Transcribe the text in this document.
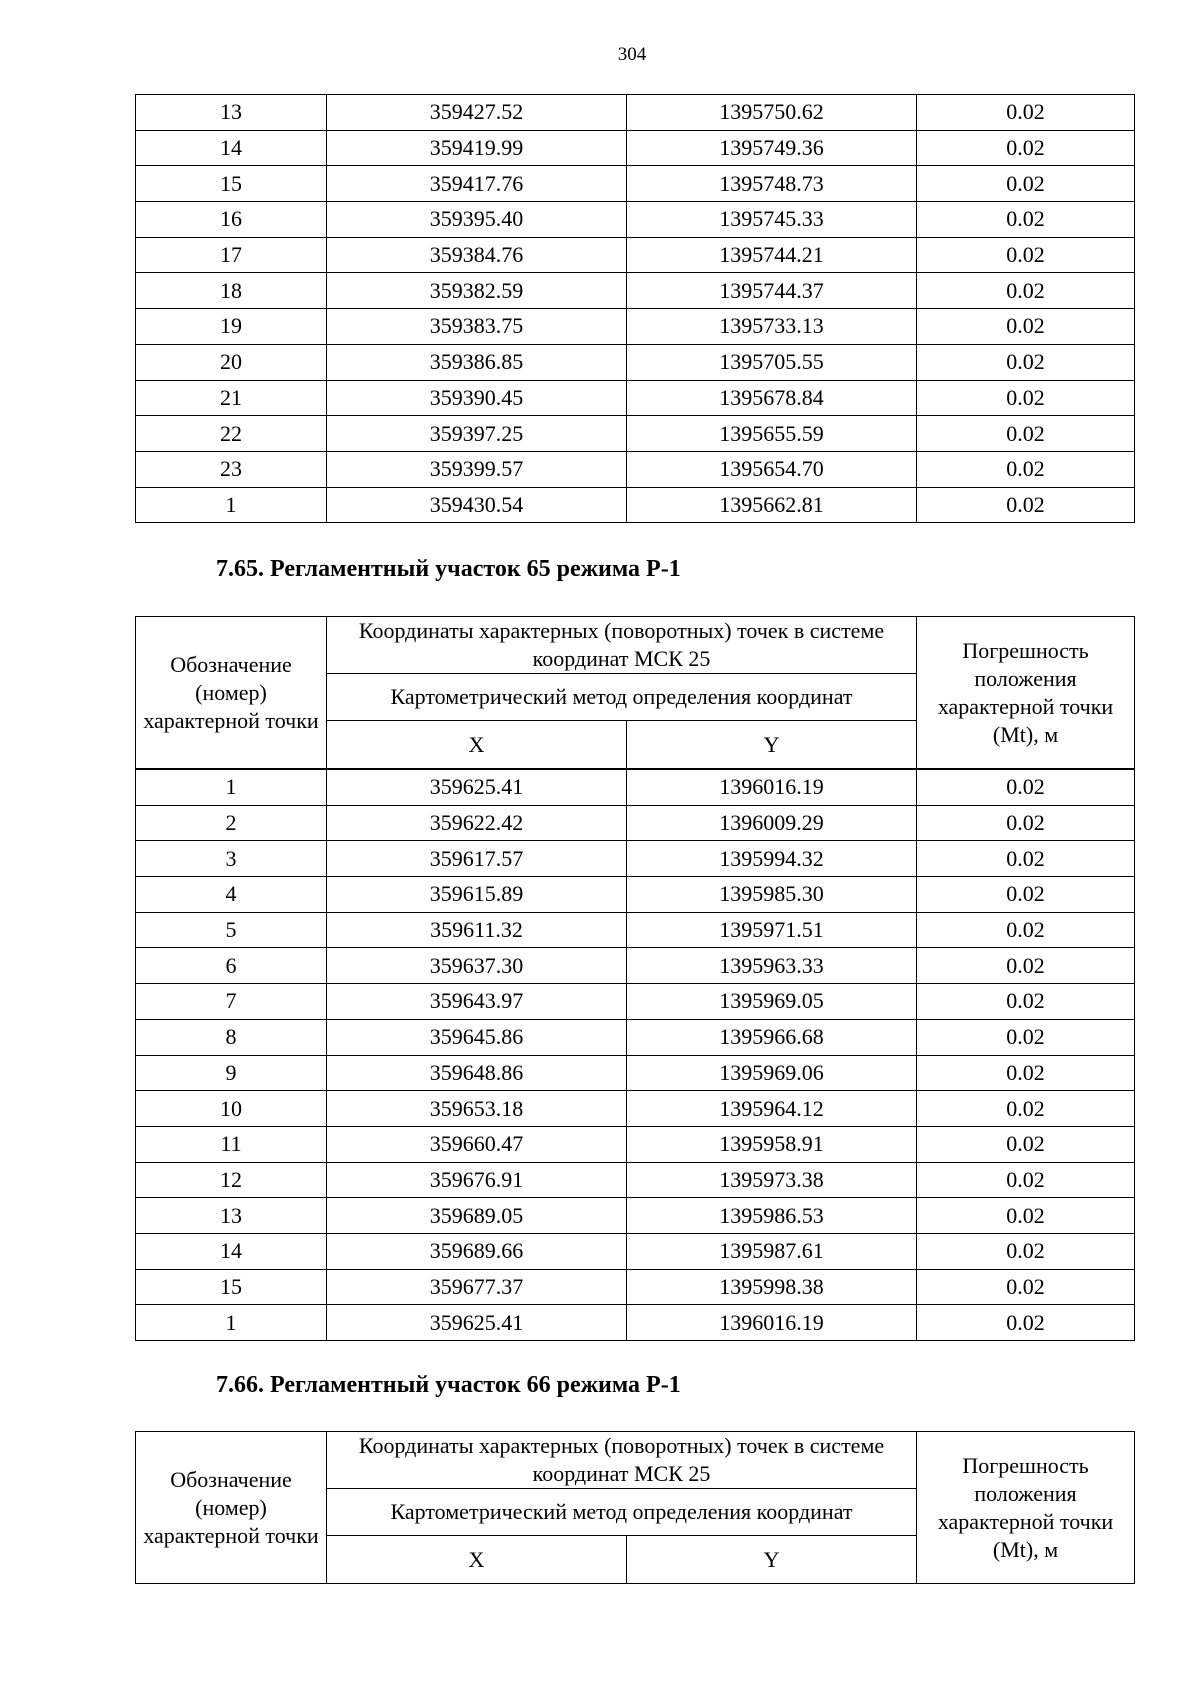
304
13	359427.52	1395750.62	0.02
14	359419.99	1395749.36	0.02
15	359417.76	1395748.73	0.02
16	359395.40	1395745.33	0.02
17	359384.76	1395744.21	0.02
18	359382.59	1395744.37	0.02
19	359383.75	1395733.13	0.02
20	359386.85	1395705.55	0.02
21	359390.45	1395678.84	0.02
22	359397.25	1395655.59	0.02
23	359399.57	1395654.70	0.02
1	359430.54	1395662.81	0.02
7.65. Регламентный участок 65 режима Р-1
Обозначение (номер) характерной точки	Координаты характерных (поворотных) точек в системе координат МСК 25		Погрешность положения характерной точки (Mt), м
	Картометрический метод определения координат		
	X	Y	
1	359625.41	1396016.19	0.02
2	359622.42	1396009.29	0.02
3	359617.57	1395994.32	0.02
4	359615.89	1395985.30	0.02
5	359611.32	1395971.51	0.02
6	359637.30	1395963.33	0.02
7	359643.97	1395969.05	0.02
8	359645.86	1395966.68	0.02
9	359648.86	1395969.06	0.02
10	359653.18	1395964.12	0.02
11	359660.47	1395958.91	0.02
12	359676.91	1395973.38	0.02
13	359689.05	1395986.53	0.02
14	359689.66	1395987.61	0.02
15	359677.37	1395998.38	0.02
1	359625.41	1396016.19	0.02
7.66. Регламентный участок 66 режима Р-1
Обозначение (номер) характерной точки	Координаты характерных (поворотных) точек в системе координат МСК 25		Погрешность положения характерной точки (Mt), м
	Картометрический метод определения координат		
	X	Y	
